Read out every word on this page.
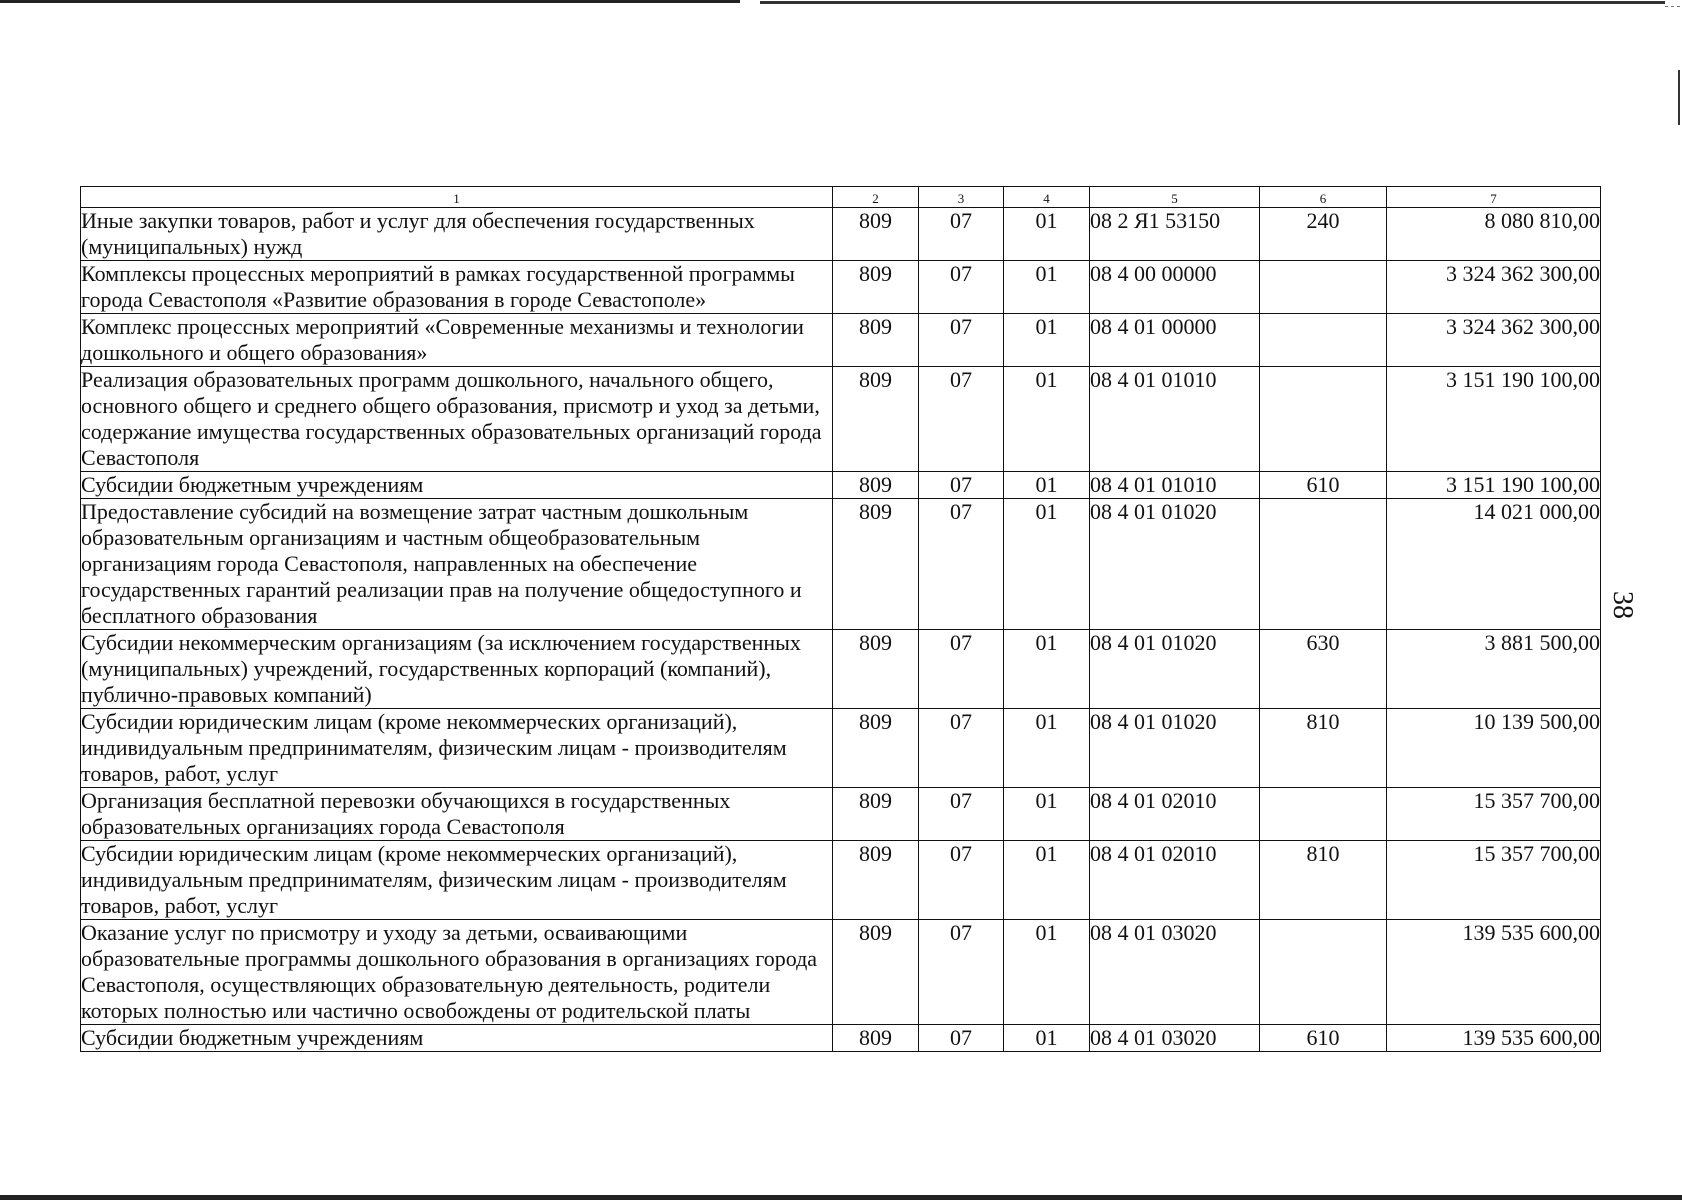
38
1	2	3	4	5	6	7
Иные закупки товаров, работ и услуг для обеспечения государственных (муниципальных) нужд	809	07	01	08 2 Я1 53150	240	8 080 810,00
Комплексы процессных мероприятий в рамках государственной программы города Севастополя «Развитие образования в городе Севастополе»	809	07	01	08 4 00 00000		3 324 362 300,00
Комплекс процессных мероприятий «Современные механизмы и технологии дошкольного и общего образования»	809	07	01	08 4 01 00000		3 324 362 300,00
Реализация образовательных программ дошкольного, начального общего, основного общего и среднего общего образования, присмотр и уход за детьми, содержание имущества государственных образовательных организаций города Севастополя	809	07	01	08 4 01 01010		3 151 190 100,00
Субсидии бюджетным учреждениям	809	07	01	08 4 01 01010	610	3 151 190 100,00
Предоставление субсидий на возмещение затрат частным дошкольным образовательным организациям и частным общеобразовательным организациям города Севастополя, направленных на обеспечение государственных гарантий реализации прав на получение общедоступного и бесплатного образования	809	07	01	08 4 01 01020		14 021 000,00
Субсидии некоммерческим организациям (за исключением государственных (муниципальных) учреждений, государственных корпораций (компаний), публично-правовых компаний)	809	07	01	08 4 01 01020	630	3 881 500,00
Субсидии юридическим лицам (кроме некоммерческих организаций), индивидуальным предпринимателям, физическим лицам - производителям товаров, работ, услуг	809	07	01	08 4 01 01020	810	10 139 500,00
Организация бесплатной перевозки обучающихся в государственных образовательных организациях города Севастополя	809	07	01	08 4 01 02010		15 357 700,00
Субсидии юридическим лицам (кроме некоммерческих организаций), индивидуальным предпринимателям, физическим лицам - производителям товаров, работ, услуг	809	07	01	08 4 01 02010	810	15 357 700,00
Оказание услуг по присмотру и уходу за детьми, осваивающими образовательные программы дошкольного образования в организациях города Севастополя, осуществляющих образовательную деятельность, родители которых полностью или частично освобождены от родительской платы	809	07	01	08 4 01 03020		139 535 600,00
Субсидии бюджетным учреждениям	809	07	01	08 4 01 03020	610	139 535 600,00
